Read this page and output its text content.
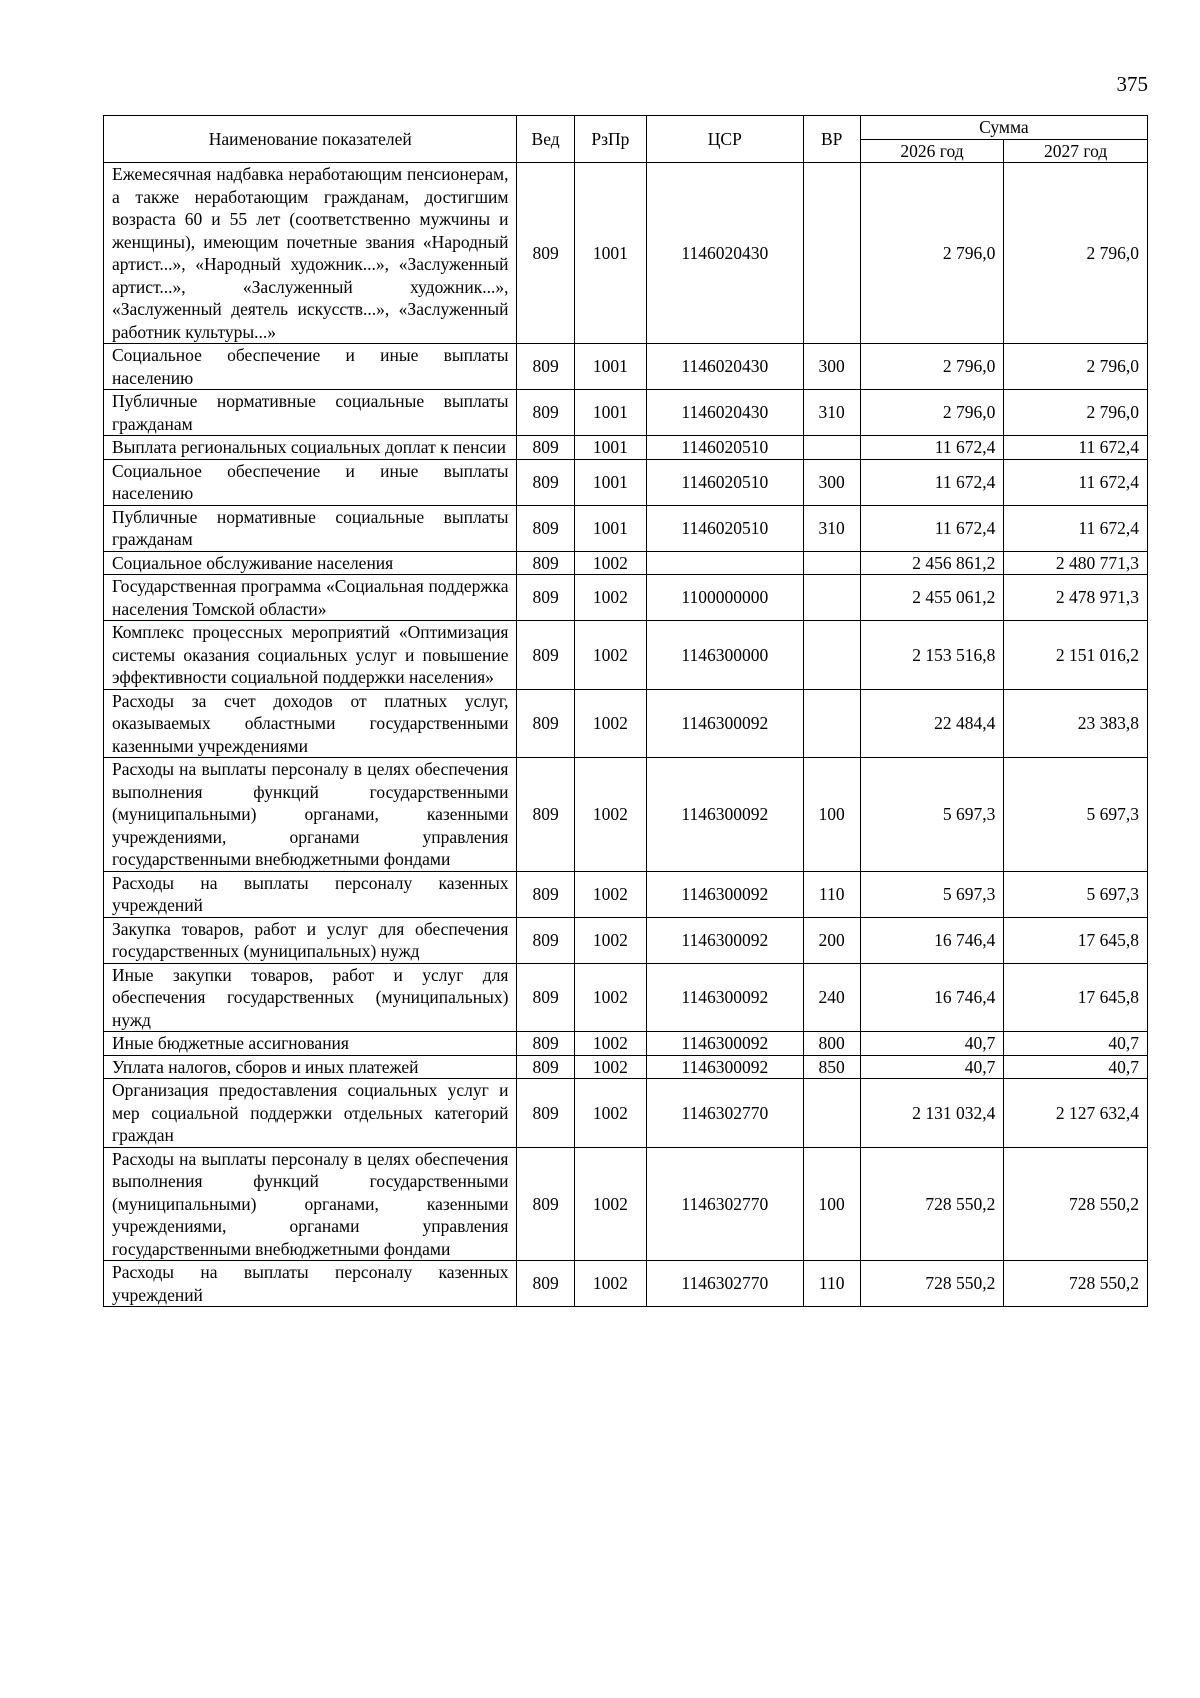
375
Наименование показателей	Вед	РзПр	ЦСР	ВР	Сумма	
					2026 год	2027 год
Ежемесячная надбавка неработающим пенсионерам, а также неработающим гражданам, достигшим возраста 60 и 55 лет (соответственно мужчины и женщины), имеющим почетные звания «Народный артист...», «Народный художник...», «Заслуженный артист...», «Заслуженный художник...», «Заслуженный деятель искусств...», «Заслуженный работник культуры...»	809	1001	1146020430		2 796,0	2 796,0
Социальное обеспечение и иные выплаты населению	809	1001	1146020430	300	2 796,0	2 796,0
Публичные нормативные социальные выплаты гражданам	809	1001	1146020430	310	2 796,0	2 796,0
Выплата региональных социальных доплат к пенсии	809	1001	1146020510		11 672,4	11 672,4
Социальное обеспечение и иные выплаты населению	809	1001	1146020510	300	11 672,4	11 672,4
Публичные нормативные социальные выплаты гражданам	809	1001	1146020510	310	11 672,4	11 672,4
Социальное обслуживание населения	809	1002			2 456 861,2	2 480 771,3
Государственная программа «Социальная поддержка населения Томской области»	809	1002	1100000000		2 455 061,2	2 478 971,3
Комплекс процессных мероприятий «Оптимизация системы оказания социальных услуг и повышение эффективности социальной поддержки населения»	809	1002	1146300000		2 153 516,8	2 151 016,2
Расходы за счет доходов от платных услуг, оказываемых областными государственными казенными учреждениями	809	1002	1146300092		22 484,4	23 383,8
Расходы на выплаты персоналу в целях обеспечения выполнения функций государственными (муниципальными) органами, казенными учреждениями, органами управления государственными внебюджетными фондами	809	1002	1146300092	100	5 697,3	5 697,3
Расходы на выплаты персоналу казенных учреждений	809	1002	1146300092	110	5 697,3	5 697,3
Закупка товаров, работ и услуг для обеспечения государственных (муниципальных) нужд	809	1002	1146300092	200	16 746,4	17 645,8
Иные закупки товаров, работ и услуг для обеспечения государственных (муниципальных) нужд	809	1002	1146300092	240	16 746,4	17 645,8
Иные бюджетные ассигнования	809	1002	1146300092	800	40,7	40,7
Уплата налогов, сборов и иных платежей	809	1002	1146300092	850	40,7	40,7
Организация предоставления социальных услуг и мер социальной поддержки отдельных категорий граждан	809	1002	1146302770		2 131 032,4	2 127 632,4
Расходы на выплаты персоналу в целях обеспечения выполнения функций государственными (муниципальными) органами, казенными учреждениями, органами управления государственными внебюджетными фондами	809	1002	1146302770	100	728 550,2	728 550,2
Расходы на выплаты персоналу казенных учреждений	809	1002	1146302770	110	728 550,2	728 550,2
